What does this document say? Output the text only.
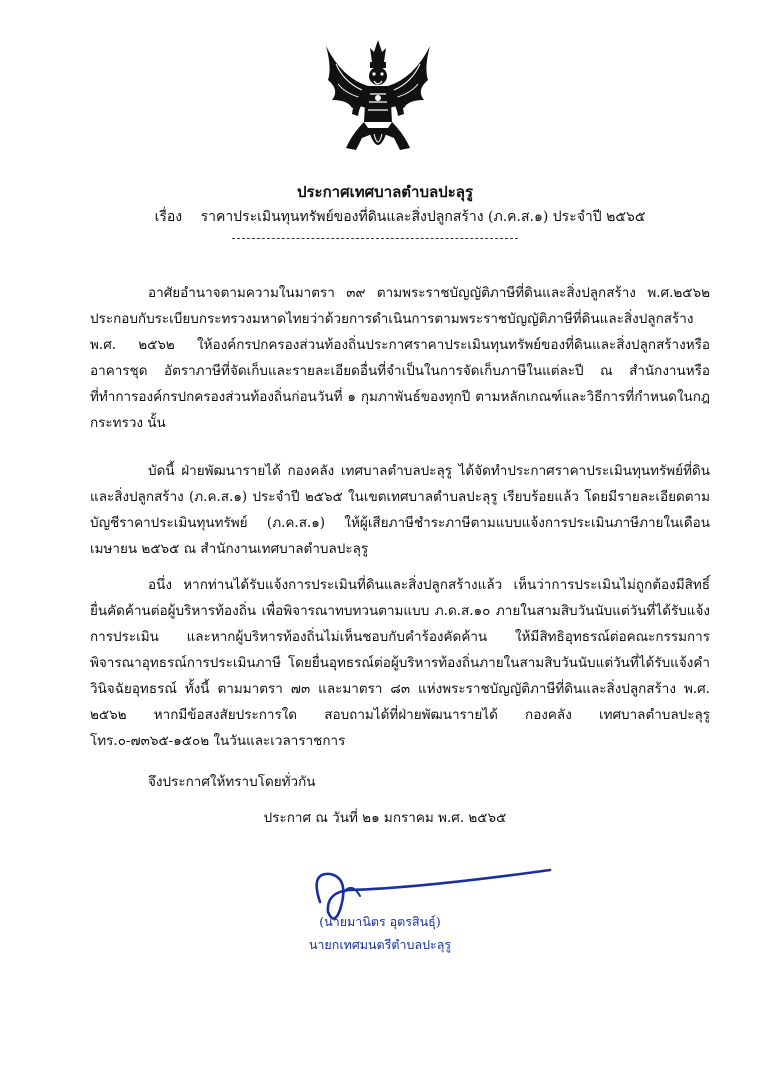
ประกาศเทศบาลตำบลปะลุรู
เรื่อง ราคาประเมินทุนทรัพย์ของที่ดินและสิ่งปลูกสร้าง (ภ.ค.ส.๑) ประจำปี ๒๕๖๕
อาศัยอำนาจตามความในมาตรา ๓๙ ตามพระราชบัญญัติภาษีที่ดินและสิ่งปลูกสร้าง พ.ศ.๒๕๖๒ ประกอบกับระเบียบกระทรวงมหาดไทยว่าด้วยการดำเนินการตามพระราชบัญญัติภาษีที่ดินและสิ่งปลูกสร้าง พ.ศ. ๒๕๖๒ ให้องค์กรปกครองส่วนท้องถิ่นประกาศราคาประเมินทุนทรัพย์ของที่ดินและสิ่งปลูกสร้างหรืออาคารชุด อัตราภาษีที่จัดเก็บและรายละเอียดอื่นที่จำเป็นในการจัดเก็บภาษีในแต่ละปี ณ สำนักงานหรือที่ทำการองค์กรปกครองส่วนท้องถิ่นก่อนวันที่ ๑ กุมภาพันธ์ของทุกปี ตามหลักเกณฑ์และวิธีการที่กำหนดในกฎกระทรวง นั้น
บัดนี้ ฝ่ายพัฒนารายได้ กองคลัง เทศบาลตำบลปะลุรู ได้จัดทำประกาศราคาประเมินทุนทรัพย์ที่ดินและสิ่งปลูกสร้าง (ภ.ค.ส.๑) ประจำปี ๒๕๖๕ ในเขตเทศบาลตำบลปะลุรู เรียบร้อยแล้ว โดยมีรายละเอียดตามบัญชีราคาประเมินทุนทรัพย์ (ภ.ค.ส.๑) ให้ผู้เสียภาษีชำระภาษีตามแบบแจ้งการประเมินภาษีภายในเดือนเมษายน ๒๕๖๕ ณ สำนักงานเทศบาลตำบลปะลุรู
อนึ่ง หากท่านได้รับแจ้งการประเมินที่ดินและสิ่งปลูกสร้างแล้ว เห็นว่าการประเมินไม่ถูกต้องมีสิทธิ์ยื่นคัดค้านต่อผู้บริหารท้องถิ่น เพื่อพิจารณาทบทวนตามแบบ ภ.ด.ส.๑๐ ภายในสามสิบวันนับแต่วันที่ได้รับแจ้งการประเมิน และหากผู้บริหารท้องถิ่นไม่เห็นชอบกับคำร้องคัดค้าน ให้มีสิทธิอุทธรณ์ต่อคณะกรรมการพิจารณาอุทธรณ์การประเมินภาษี โดยยื่นอุทธรณ์ต่อผู้บริหารท้องถิ่นภายในสามสิบวันนับแต่วันที่ได้รับแจ้งคำวินิจฉัยอุทธรณ์ ทั้งนี้ ตามมาตรา ๗๓ และมาตรา ๘๓ แห่งพระราชบัญญัติภาษีที่ดินและสิ่งปลูกสร้าง พ.ศ. ๒๕๖๒ หากมีข้อสงสัยประการใด สอบถามได้ที่ฝ่ายพัฒนารายได้ กองคลัง เทศบาลตำบลปะลุรู โทร.๐-๗๓๖๕-๑๕๐๒ ในวันและเวลาราชการ
จึงประกาศให้ทราบโดยทั่วกัน
ประกาศ ณ วันที่ ๒๑ มกราคม พ.ศ. ๒๕๖๕
(นายมานิตร อุตรสินธุ์)
นายกเทศมนตรีตำบลปะลุรู
